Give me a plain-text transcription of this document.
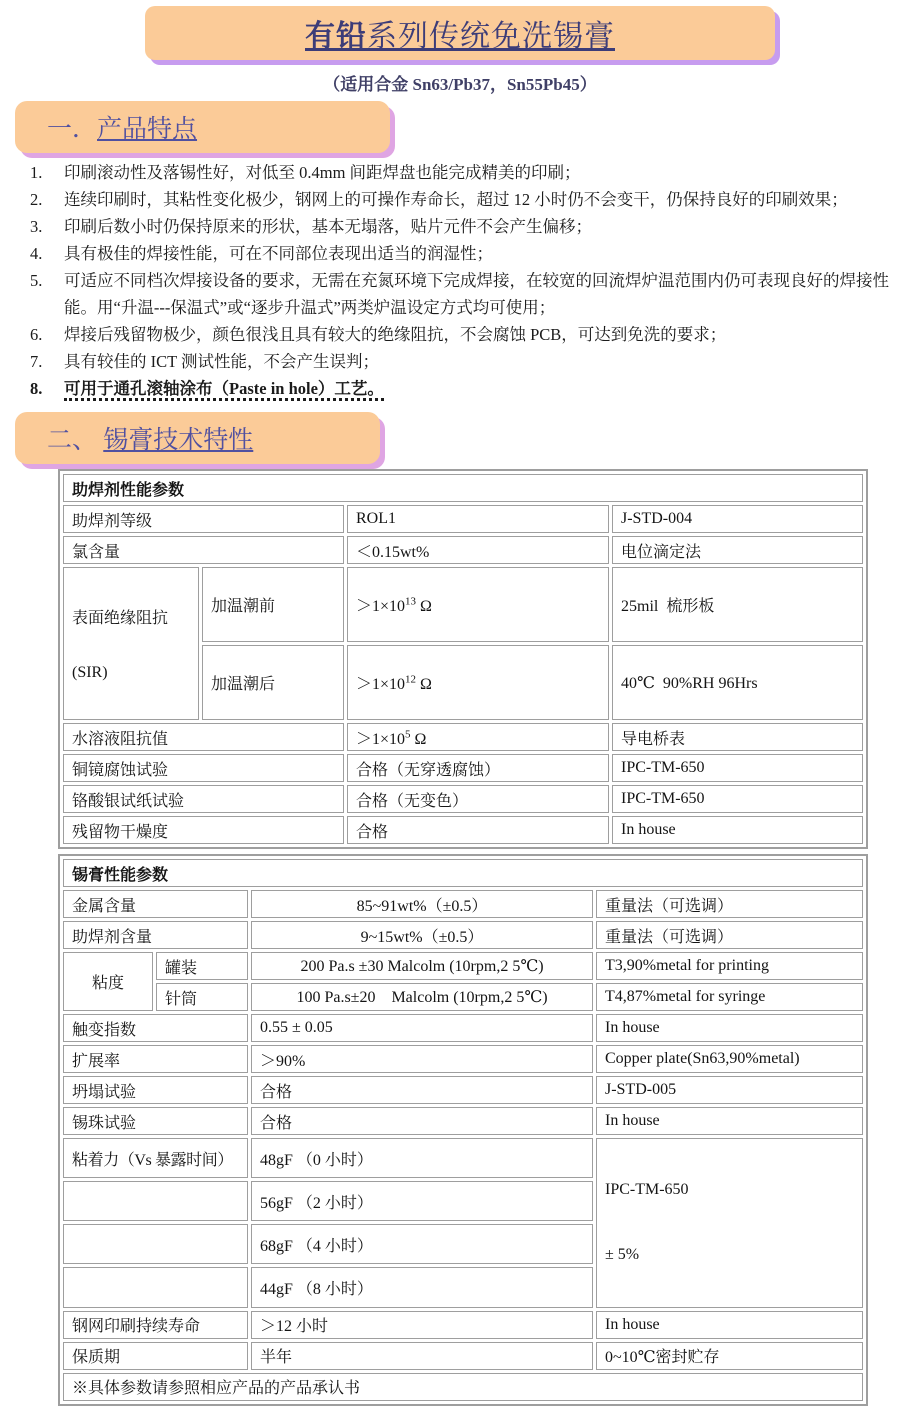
有铅系列传统免洗锡膏
（适用合金 Sn63/Pb37，Sn55Pb45）
一． 产品特点
1.	印刷滚动性及落锡性好，对低至 0.4mm 间距焊盘也能完成精美的印刷；
2.	连续印刷时，其粘性变化极少，钢网上的可操作寿命长，超过 12 小时仍不会变干，仍保持良好的印刷效果；
3.	印刷后数小时仍保持原来的形状，基本无塌落，贴片元件不会产生偏移；
4.	具有极佳的焊接性能，可在不同部位表现出适当的润湿性；
5.	可适应不同档次焊接设备的要求，无需在充氮环境下完成焊接，在较宽的回流焊炉温范围内仍可表现良好的焊接性能。用“升温---保温式”或“逐步升温式”两类炉温设定方式均可使用；
6.	焊接后残留物极少，颜色很浅且具有较大的绝缘阻抗，不会腐蚀 PCB，可达到免洗的要求；
7.	具有较佳的 ICT 测试性能，不会产生误判；
8.	可用于通孔滚轴涂布（Paste in hole）工艺。
二、 锡膏技术特性
助焊剂性能参数			
助焊剂等级		ROL1	J-STD-004
氯含量		＜0.15wt%	电位滴定法

表面绝缘阻抗

(SIR)	加温潮前	$>1\times 10^{13}$ Ω	25mil  梳形板
	加温潮后	$>1\times 10^{12}$ Ω	40℃  90%RH 96Hrs
水溶液阻抗值		$>1\times 10^5$ Ω	导电桥表
铜镜腐蚀试验		合格（无穿透腐蚀）	IPC-TM-650
铬酸银试纸试验		合格（无变色）	IPC-TM-650
残留物干燥度		合格	In house
锡膏性能参数			
金属含量		85~91wt%（±0.5）	重量法（可选调）
助焊剂含量		9~15wt%（±0.5）	重量法（可选调）
粘度	罐装	200 Pa.s ±30 Malcolm (10rpm,2 5℃)	T3,90%metal for printing
	针筒	100 Pa.s±20    Malcolm (10rpm,2 5℃)	T4,87%metal for syringe
触变指数		0.55 ± 0.05	In house
扩展率		＞90%	Copper plate(Sn63,90%metal)
坍塌试验		合格	J-STD-005
锡珠试验		合格	In house
粘着力（Vs 暴露时间）		48gF （0 小时）	IPC-TM-650

± 5%

		56gF （2 小时）	
		68gF （4 小时）	
		44gF （8 小时）	
钢网印刷持续寿命		＞12 小时	In house
保质期		半年	0~10℃密封贮存
※具体参数请参照相应产品的产品承认书			
